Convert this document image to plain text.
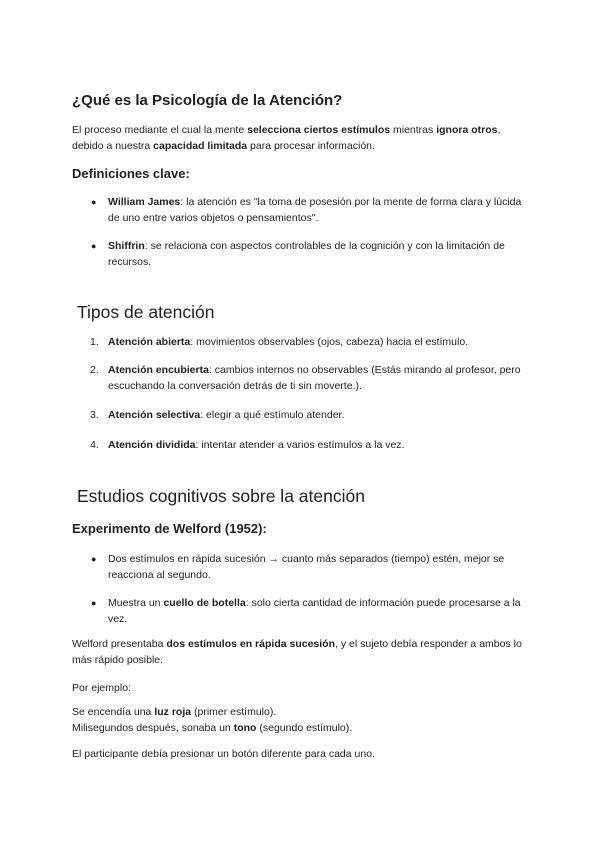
¿Qué es la Psicología de la Atención?

El proceso mediante el cual la mente selecciona ciertos estímulos mientras ignora otros, debido a nuestra capacidad limitada para procesar información.

Definiciones clave:
● William James: la atención es "la toma de posesión por la mente de forma clara y lúcida de uno entre varios objetos o pensamientos".

● Shiffrin: se relaciona con aspectos controlables de la cognición y con la limitación de recursos.

Tipos de atención
1. Atención abierta: movimientos observables (ojos, cabeza) hacia el estímulo.

2. Atención encubierta: cambios internos no observables (Estás mirando al profesor, pero escuchando la conversación detrás de ti sin moverte.).

3. Atención selectiva: elegir a qué estímulo atender.

4. Atención dividida: intentar atender a varios estímulos a la vez.

Estudios cognitivos sobre la atención
Experimento de Welford (1952):
● Dos estímulos en rápida sucesión → cuanto más separados (tiempo) estén, mejor se reacciona al segundo.

● Muestra un cuello de botella: solo cierta cantidad de información puede procesarse a la vez.

Welford presentaba dos estímulos en rápida sucesión, y el sujeto debía responder a ambos lo más rápido posible.

Por ejemplo:

Se encendía una luz roja (primer estímulo).

Milisegundos después, sonaba un tono (segundo estímulo).

El participante debía presionar un botón diferente para cada uno.
